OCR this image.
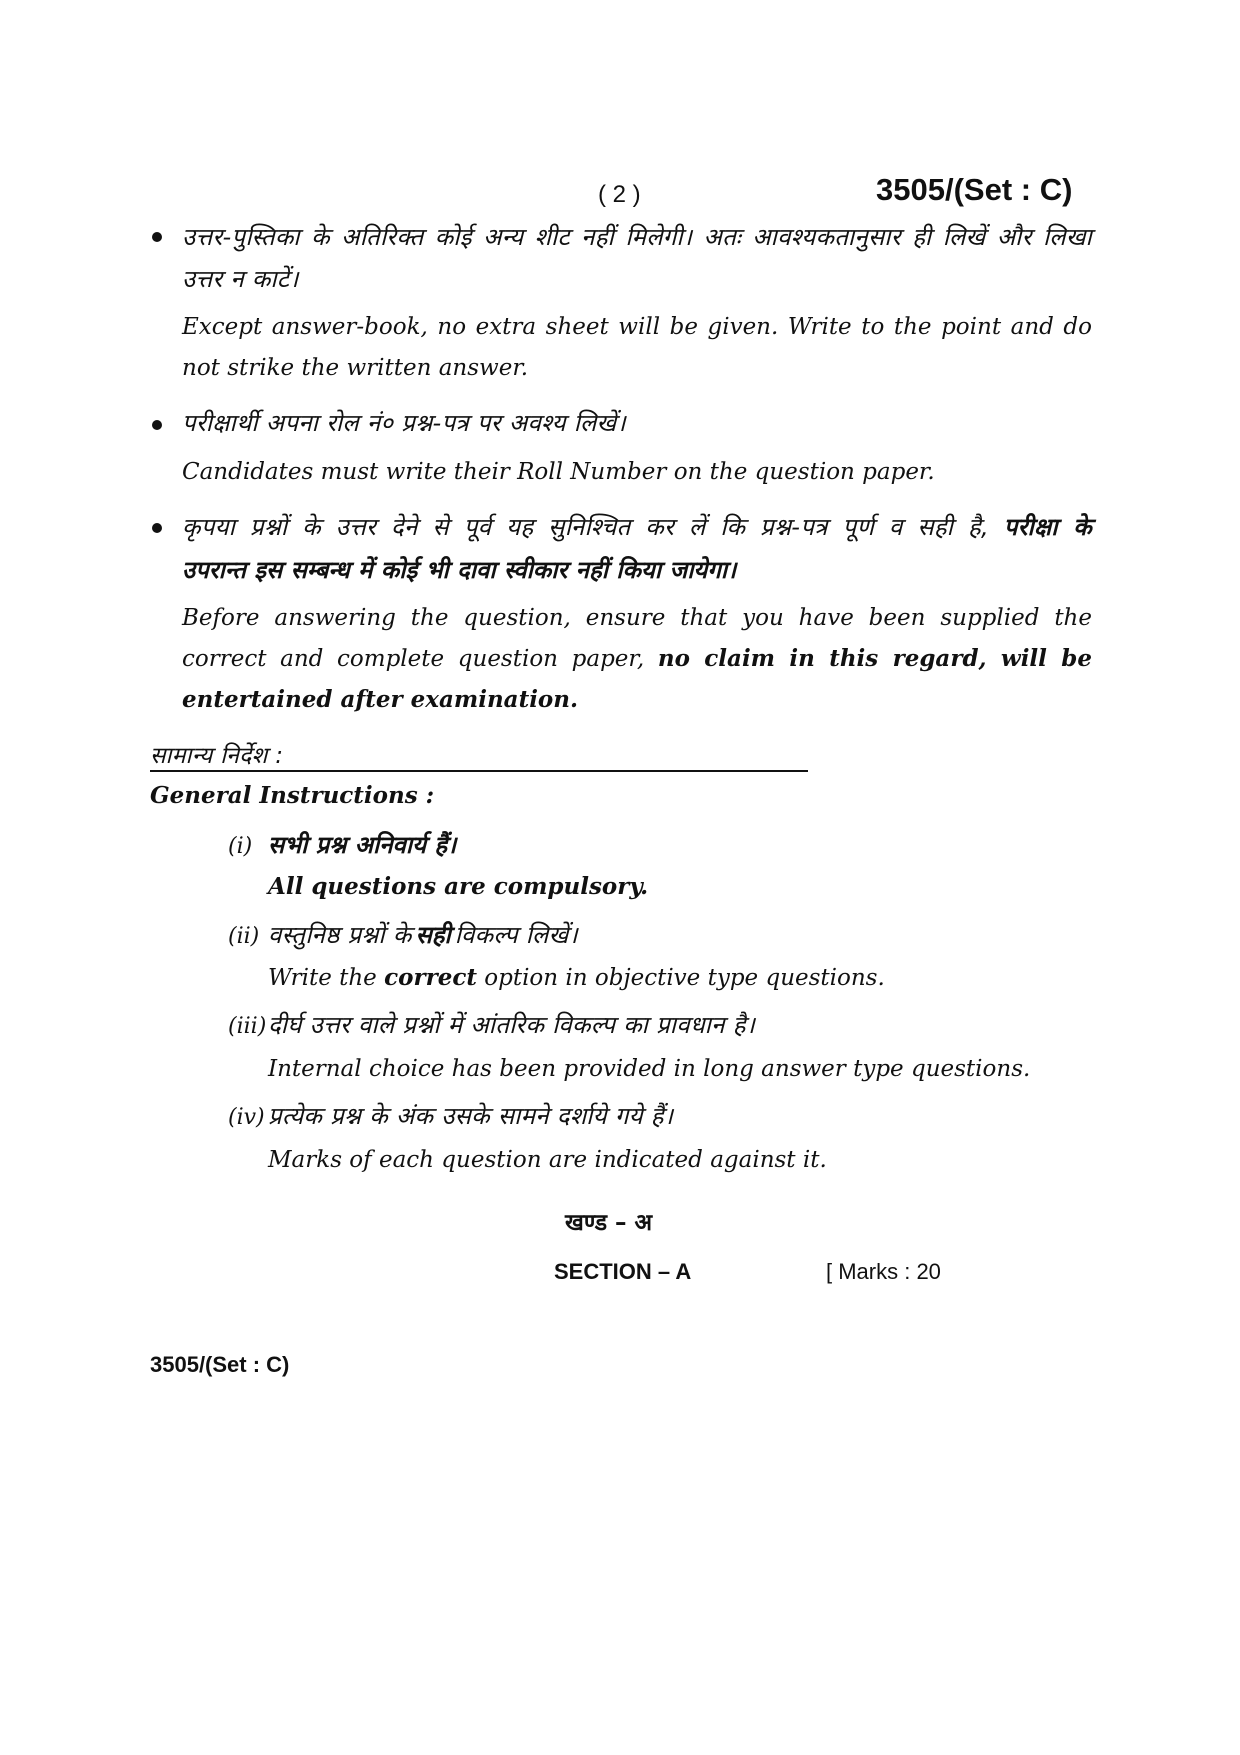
( 2 )	3505/(Set : C)
उत्तर-पुस्तिका के अतिरिक्त कोई अन्य शीट नहीं मिलेगी। अतः आवश्यकतानुसार ही लिखें और लिखा
उत्तर न काटें।
Except answer-book, no extra sheet will be given. Write to the point and do
not strike the written answer.
परीक्षार्थी अपना रोल नं० प्रश्न-पत्र पर अवश्य लिखें।
Candidates must write their Roll Number on the question paper.
कृपया प्रश्नों के उत्तर देने से पूर्व यह सुनिश्चित कर लें कि प्रश्न-पत्र पूर्ण व सही है, परीक्षा के
उपरान्त इस सम्बन्ध में कोई भी दावा स्वीकार नहीं किया जायेगा।
Before answering the question, ensure that you have been supplied the
correct and complete question paper, no claim in this regard, will be
entertained after examination.
सामान्य निर्देश :
General Instructions :
(i) सभी प्रश्न अनिवार्य हैं।
All questions are compulsory.
(ii) वस्तुनिष्ठ प्रश्नों के सही विकल्प लिखें।
Write the correct option in objective type questions.
(iii)दीर्घ उत्तर वाले प्रश्नों में आंतरिक विकल्प का प्रावधान है।
Internal choice has been provided in long answer type questions.
(iv) प्रत्येक प्रश्न के अंक उसके सामने दर्शाये गये हैं।
Marks of each question are indicated against it.
खण्ड – अ
SECTION – A	[ Marks : 20
3505/(Set : C)
